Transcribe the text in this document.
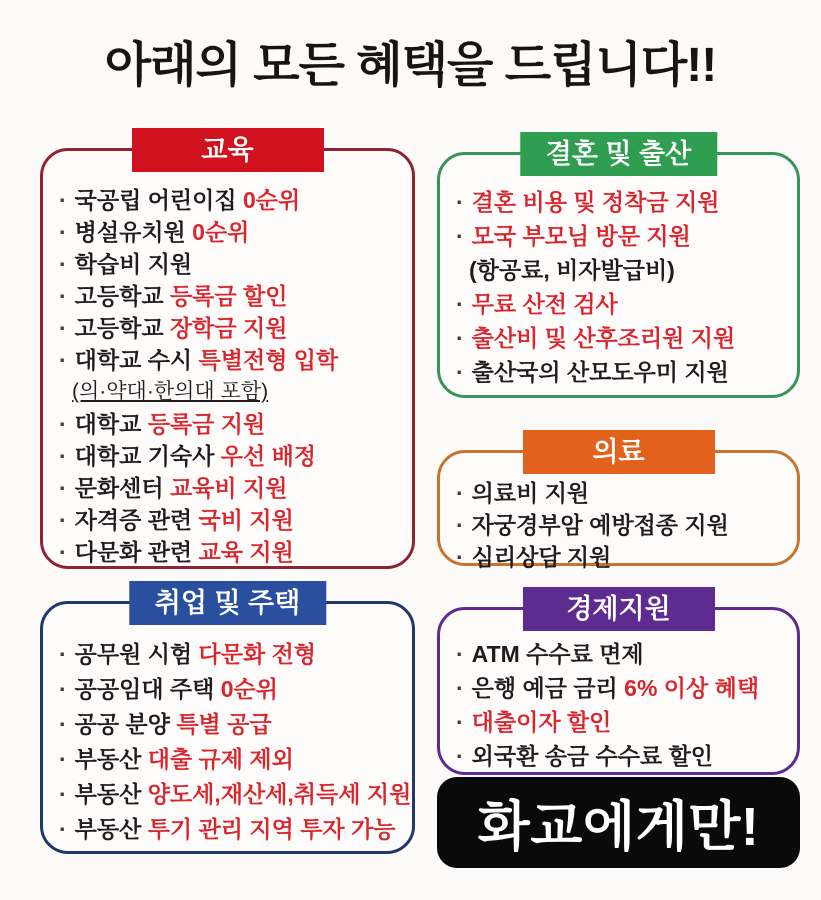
아래의 모든 혜택을 드립니다!!
교육
· 국공립 어린이집 0순위
· 병설유치원 0순위
· 학습비 지원
· 고등학교 등록금 할인
· 고등학교 장학금 지원
· 대학교 수시 특별전형 입학
(의·약대·한의대 포함)
· 대학교 등록금 지원
· 대학교 기숙사 우선 배정
· 문화센터 교육비 지원
· 자격증 관련 국비 지원
· 다문화 관련 교육 지원
결혼 및 출산
· 결혼 비용 및 정착금 지원
· 모국 부모님 방문 지원
(항공료, 비자발급비)
· 무료 산전 검사
· 출산비 및 산후조리원 지원
· 출산국의 산모도우미 지원
의료
· 의료비 지원
· 자궁경부암 예방접종 지원
· 심리상담 지원
취업 및 주택
· 공무원 시험 다문화 전형
· 공공임대 주택 0순위
· 공공 분양 특별 공급
· 부동산 대출 규제 제외
· 부동산 양도세,재산세,취득세 지원
· 부동산 투기 관리 지역 투자 가능
경제지원
· ATM 수수료 면제
· 은행 예금 금리 6% 이상 혜택
· 대출이자 할인
· 외국환 송금 수수료 할인
화교에게만!
